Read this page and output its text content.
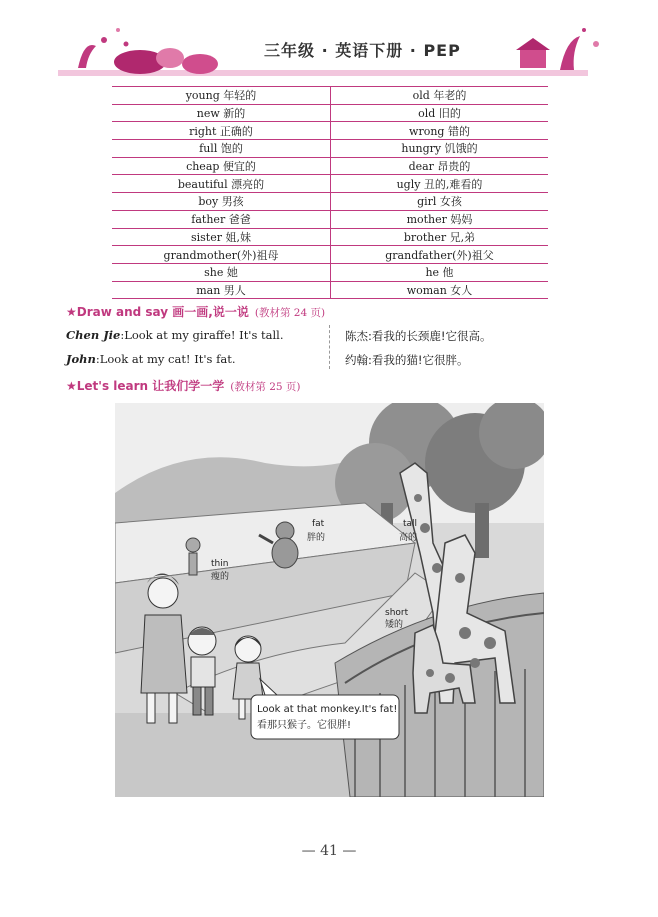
三年级 · 英语下册 · PEP
young 年轻的	old 年老的
new 新的	old 旧的
right 正确的	wrong 错的
full 饱的	hungry 饥饿的
cheap 便宜的	dear 昂贵的
beautiful 漂亮的	ugly 丑的,难看的
boy 男孩	girl 女孩
father 爸爸	mother 妈妈
sister 姐,妹	brother 兄,弟
grandmother(外)祖母	grandfather(外)祖父
she 她	he 他
man 男人	woman 女人
★Draw and say 画一画,说一说 (教材第 24 页)
Chen Jie:Look at my giraffe! It's tall.
John:Look at my cat! It's fat.
陈杰:看我的长颈鹿!它很高。
约翰:看我的猫!它很胖。
★Let's learn 让我们学一学 (教材第 25 页)
Look at that monkey.It's fat!
看那只猴子。它很胖!
thin
瘦的
fat
胖的
tall
高的
short
矮的
— 41 —
